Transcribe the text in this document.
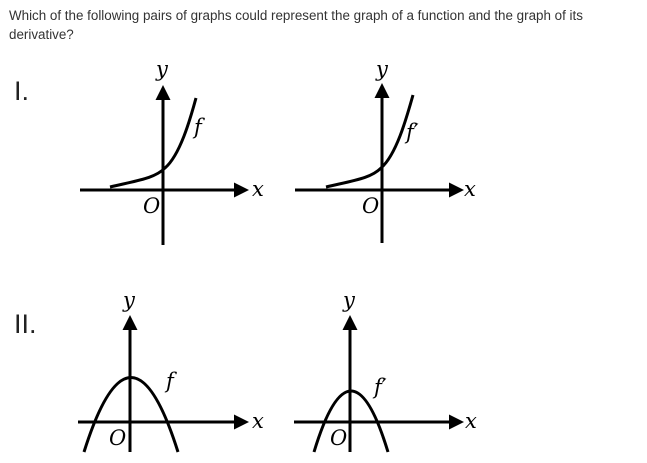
Which of the following pairs of graphs could represent the graph of a function and the graph of its derivative?
I.
II.
x
y
O
f
x
y
O
f′
x
y
O
f
x
y
O
f′
